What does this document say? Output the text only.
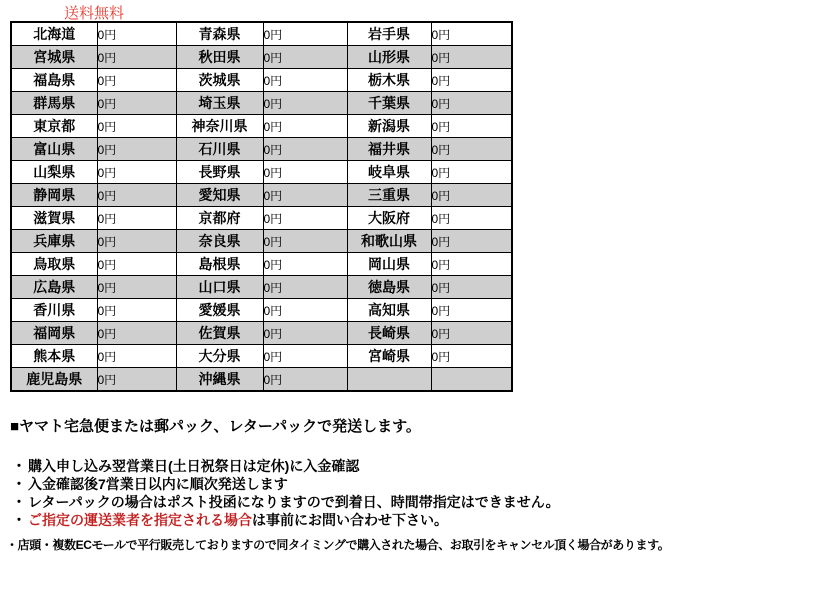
送料無料
北海道	0円	青森県	0円	岩手県	0円
宮城県	0円	秋田県	0円	山形県	0円
福島県	0円	茨城県	0円	栃木県	0円
群馬県	0円	埼玉県	0円	千葉県	0円
東京都	0円	神奈川県	0円	新潟県	0円
富山県	0円	石川県	0円	福井県	0円
山梨県	0円	長野県	0円	岐阜県	0円
静岡県	0円	愛知県	0円	三重県	0円
滋賀県	0円	京都府	0円	大阪府	0円
兵庫県	0円	奈良県	0円	和歌山県	0円
鳥取県	0円	島根県	0円	岡山県	0円
広島県	0円	山口県	0円	徳島県	0円
香川県	0円	愛媛県	0円	高知県	0円
福岡県	0円	佐賀県	0円	長崎県	0円
熊本県	0円	大分県	0円	宮崎県	0円
鹿児島県	0円	沖縄県	0円		
■ヤマト宅急便または郵パック、レターパックで発送します。
・ 購入申し込み翌営業日(土日祝祭日は定休)に入金確認
・ 入金確認後7営業日以内に順次発送します
・ レターパックの場合はポスト投函になりますので到着日、時間帯指定はできません。
・ ご指定の運送業者を指定される場合は事前にお問い合わせ下さい。
・店頭・複数ECモールで平行販売しておりますので同タイミングで購入された場合、お取引をキャンセル頂く場合があります。
